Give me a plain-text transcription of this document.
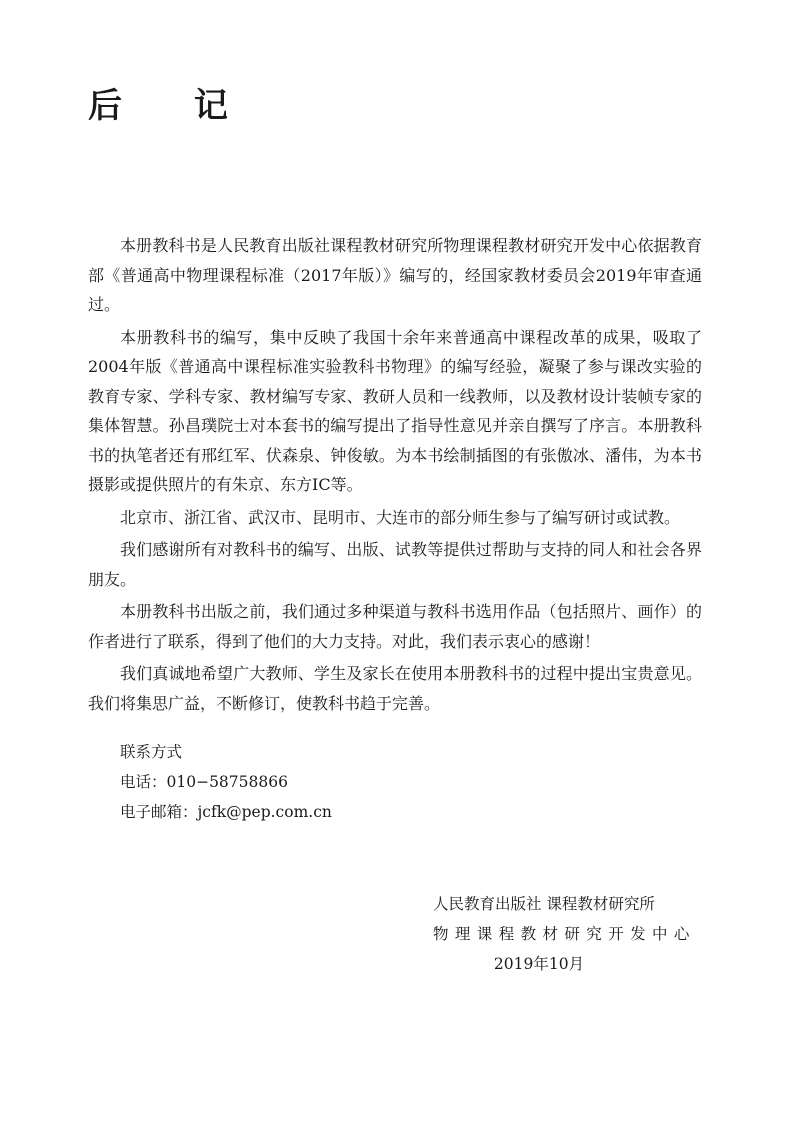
后 记

本册教科书是人民教育出版社课程教材研究所物理课程教材研究开发中心依据教育部《普通高中物理课程标准（2017年版）》编写的，经国家教材委员会2019年审查通过。

本册教科书的编写，集中反映了我国十余年来普通高中课程改革的成果，吸取了2004年版《普通高中课程标准实验教科书物理》的编写经验，凝聚了参与课改实验的教育专家、学科专家、教材编写专家、教研人员和一线教师，以及教材设计装帧专家的集体智慧。孙昌璞院士对本套书的编写提出了指导性意见并亲自撰写了序言。本册教科书的执笔者还有邢红军、伏森泉、钟俊敏。为本书绘制插图的有张傲冰、潘伟，为本书摄影或提供照片的有朱京、东方IC等。

北京市、浙江省、武汉市、昆明市、大连市的部分师生参与了编写研讨或试教。

我们感谢所有对教科书的编写、出版、试教等提供过帮助与支持的同人和社会各界朋友。

本册教科书出版之前，我们通过多种渠道与教科书选用作品（包括照片、画作）的作者进行了联系，得到了他们的大力支持。对此，我们表示衷心的感谢！

我们真诚地希望广大教师、学生及家长在使用本册教科书的过程中提出宝贵意见。我们将集思广益，不断修订，使教科书趋于完善。

联系方式
电话：010−58758866
电子邮箱：jcfk@pep.com.cn
人民教育出版社 课程教材研究所
物理课程教材研究开发中心
2019年10月
